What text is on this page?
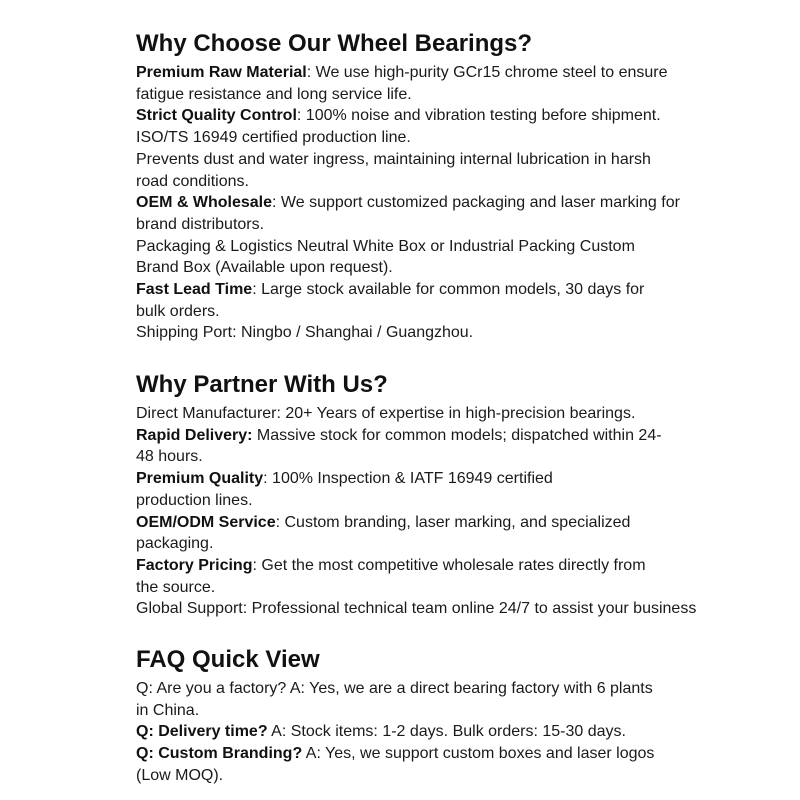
Why Choose Our Wheel Bearings?

Premium Raw Material: We use high-purity GCr15 chrome steel to ensure fatigue resistance and long service life.

Strict Quality Control: 100% noise and vibration testing before shipment. ISO/TS 16949 certified production line.

Prevents dust and water ingress, maintaining internal lubrication in harsh road conditions.

OEM & Wholesale: We support customized packaging and laser marking for brand distributors.

Packaging & Logistics Neutral White Box or Industrial Packing Custom Brand Box (Available upon request).

Fast Lead Time: Large stock available for common models, 30 days for bulk orders.

Shipping Port: Ningbo / Shanghai / Guangzhou.

Why Partner With Us?

Direct Manufacturer: 20+ Years of expertise in high-precision bearings.

Rapid Delivery: Massive stock for common models; dispatched within 24-48 hours.

Premium Quality: 100% Inspection & IATF 16949 certified production lines.

OEM/ODM Service: Custom branding, laser marking, and specialized packaging.

Factory Pricing: Get the most competitive wholesale rates directly from the source.

Global Support: Professional technical team online 24/7 to assist your business

FAQ Quick View

Q: Are you a factory? A: Yes, we are a direct bearing factory with 6 plants in China.

Q: Delivery time? A: Stock items: 1-2 days. Bulk orders: 15-30 days.

Q: Custom Branding? A: Yes, we support custom boxes and laser logos (Low MOQ).
